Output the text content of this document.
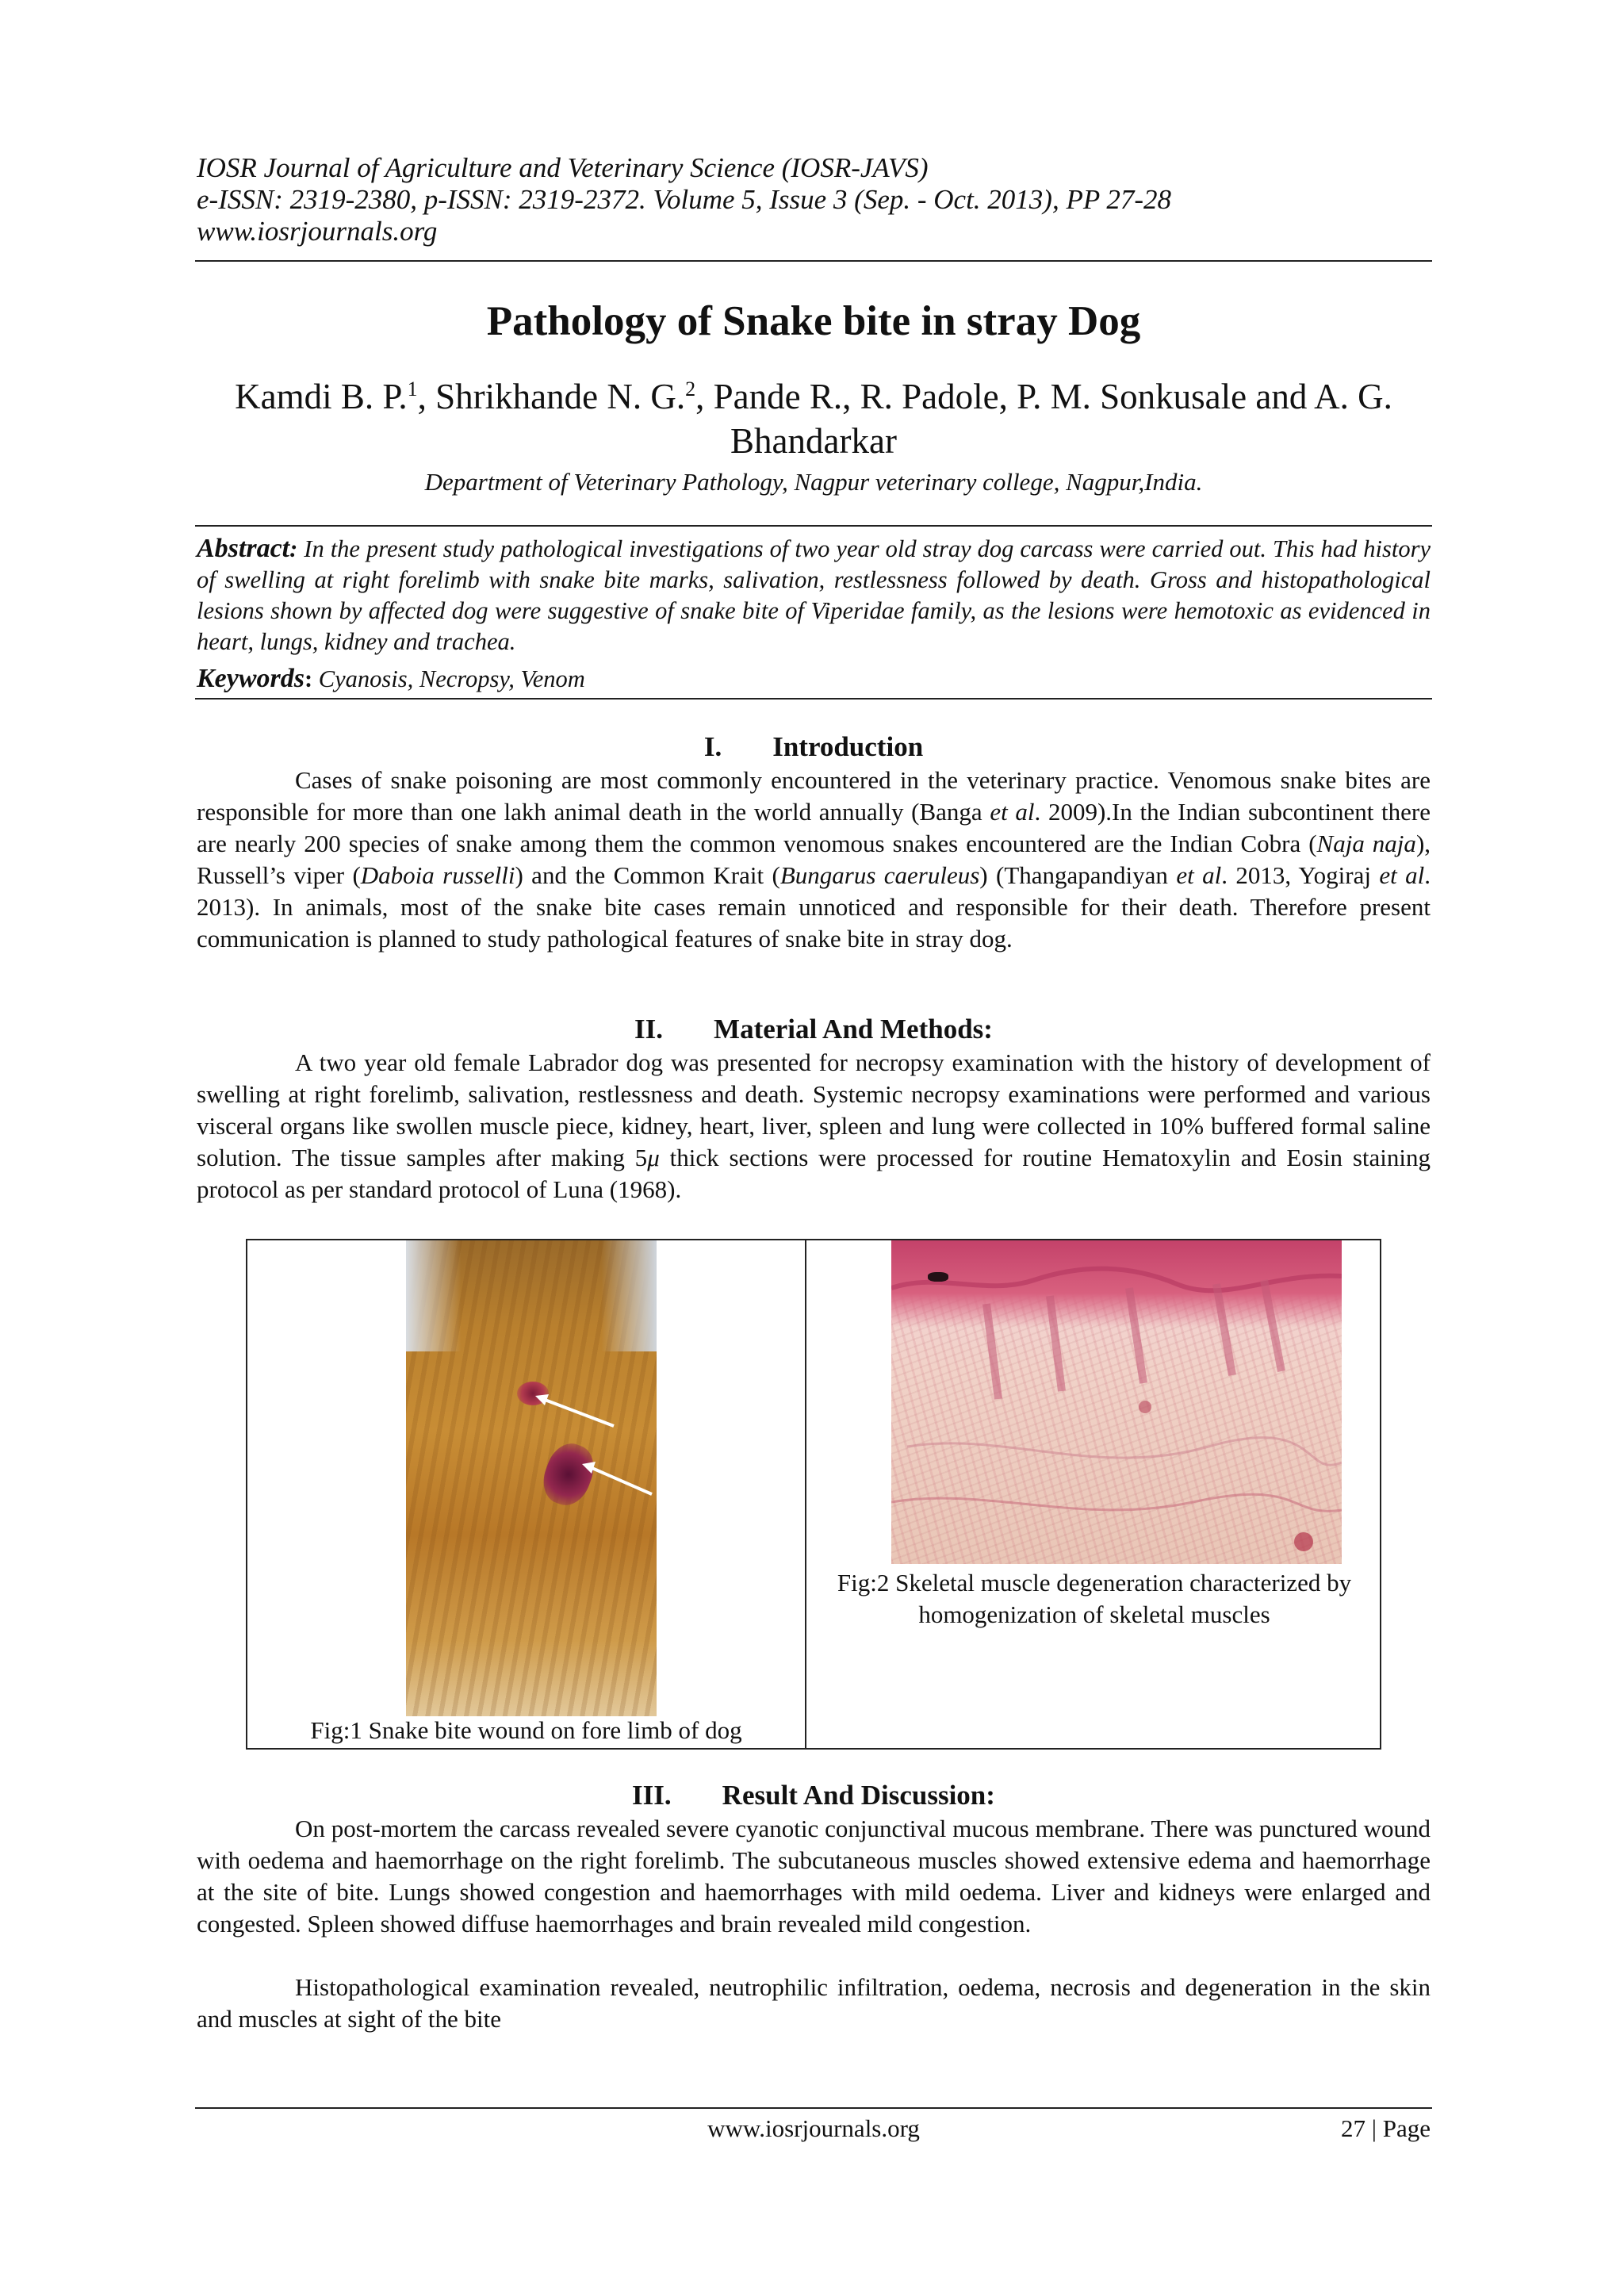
IOSR Journal of Agriculture and Veterinary Science (IOSR-JAVS)
e-ISSN: 2319-2380, p-ISSN: 2319-2372. Volume 5, Issue 3 (Sep. - Oct. 2013), PP 27-28
www.iosrjournals.org
Pathology of Snake bite in stray Dog
Kamdi B. P.$^1$, Shrikhande N. G.$^2$, Pande R., R. Padole, P. M. Sonkusale and A. G. Bhandarkar
Department of Veterinary Pathology, Nagpur veterinary college, Nagpur,India.

Abstract: In the present study pathological investigations of two year old stray dog carcass were carried out. This had history of swelling at right forelimb with snake bite marks, salivation, restlessness followed by death. Gross and histopathological lesions shown by affected dog were suggestive of snake bite of Viperidae family, as the lesions were hemotoxic as evidenced in heart, lungs, kidney and trachea.

Keywords: Cyanosis, Necropsy, Venom

I. Introduction

Cases of snake poisoning are most commonly encountered in the veterinary practice. Venomous snake bites are responsible for more than one lakh animal death in the world annually (Banga et al. 2009).In the Indian subcontinent there are nearly 200 species of snake among them the common venomous snakes encountered are the Indian Cobra (Naja naja), Russell’s viper (Daboia russelli) and the Common Krait (Bungarus caeruleus) (Thangapandiyan et al. 2013, Yogiraj et al. 2013). In animals, most of the snake bite cases remain unnoticed and responsible for their death. Therefore present communication is planned to study pathological features of snake bite in stray dog.

II. Material And Methods:

A two year old female Labrador dog was presented for necropsy examination with the history of development of swelling at right forelimb, salivation, restlessness and death. Systemic necropsy examinations were performed and various visceral organs like swollen muscle piece, kidney, heart, liver, spleen and lung were collected in 10% buffered formal saline solution. The tissue samples after making 5μ thick sections were processed for routine Hematoxylin and Eosin staining protocol as per standard protocol of Luna (1968).

Fig:1 Snake bite wound on fore limb of dog
Fig:2 Skeletal muscle degeneration characterized by homogenization of skeletal muscles
III. Result And Discussion:

On post-mortem the carcass revealed severe cyanotic conjunctival mucous membrane. There was punctured wound with oedema and haemorrhage on the right forelimb. The subcutaneous muscles showed extensive edema and haemorrhage at the site of bite. Lungs showed congestion and haemorrhages with mild oedema. Liver and kidneys were enlarged and congested. Spleen showed diffuse haemorrhages and brain revealed mild congestion.

Histopathological examination revealed, neutrophilic infiltration, oedema, necrosis and degeneration in the skin and muscles at sight of the bite

www.iosrjournals.org	27 | Page
